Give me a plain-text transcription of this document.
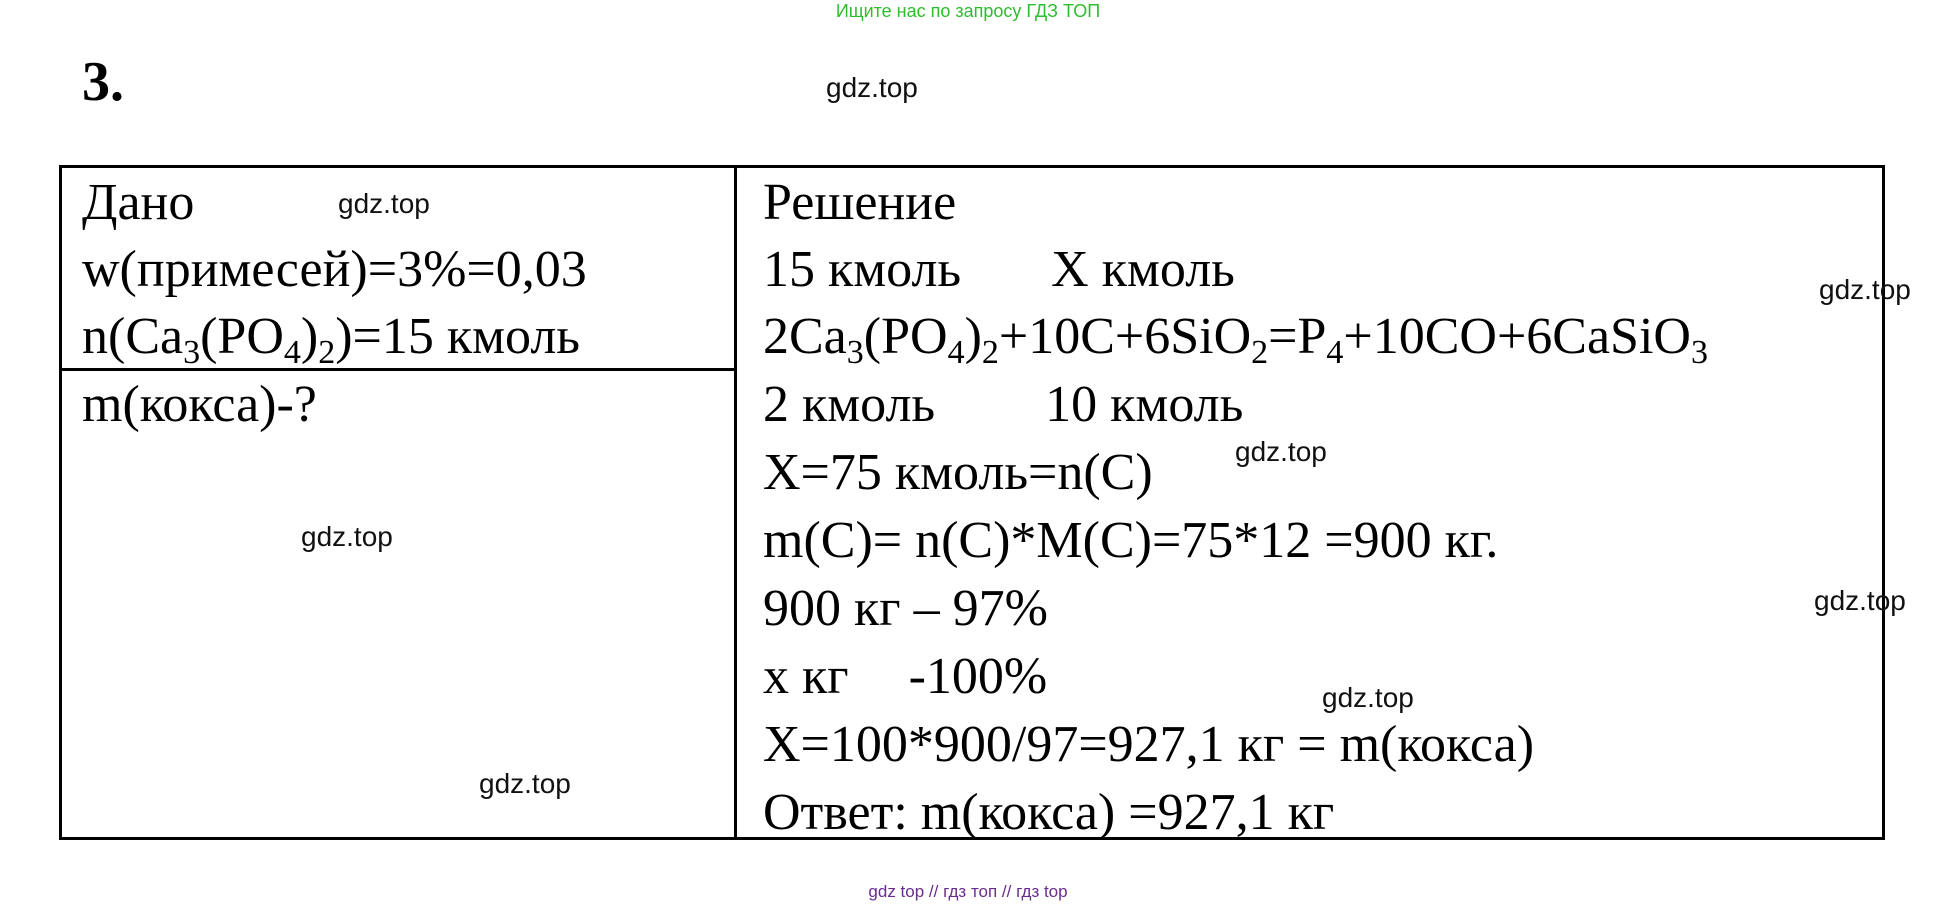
Ищите нас по запросу ГДЗ ТОП
3.
Дано
w(примесей)=3%=0,03
$n(Ca_3(PO_4)_2)=15$ кмоль
m(кокса)-?
Решение
15 кмоль X кмоль
$2Ca_3(PO_4)_2+10C+6SiO_2=P_4+10CO+6CaSiO_3$
2 кмоль 10 кмоль
X=75 кмоль=n(C)
m(C)= n(C)*M(C)=75*12 =900 кг.
900 кг – 97%
x кг -100%
X=100*900/97=927,1 кг = m(кокса)
Ответ: m(кокса) =927,1 кг
gdz.top
gdz.top
gdz.top
gdz.top
gdz.top
gdz.top
gdz.top
gdz.top
gdz top // гдз топ // гдз top
